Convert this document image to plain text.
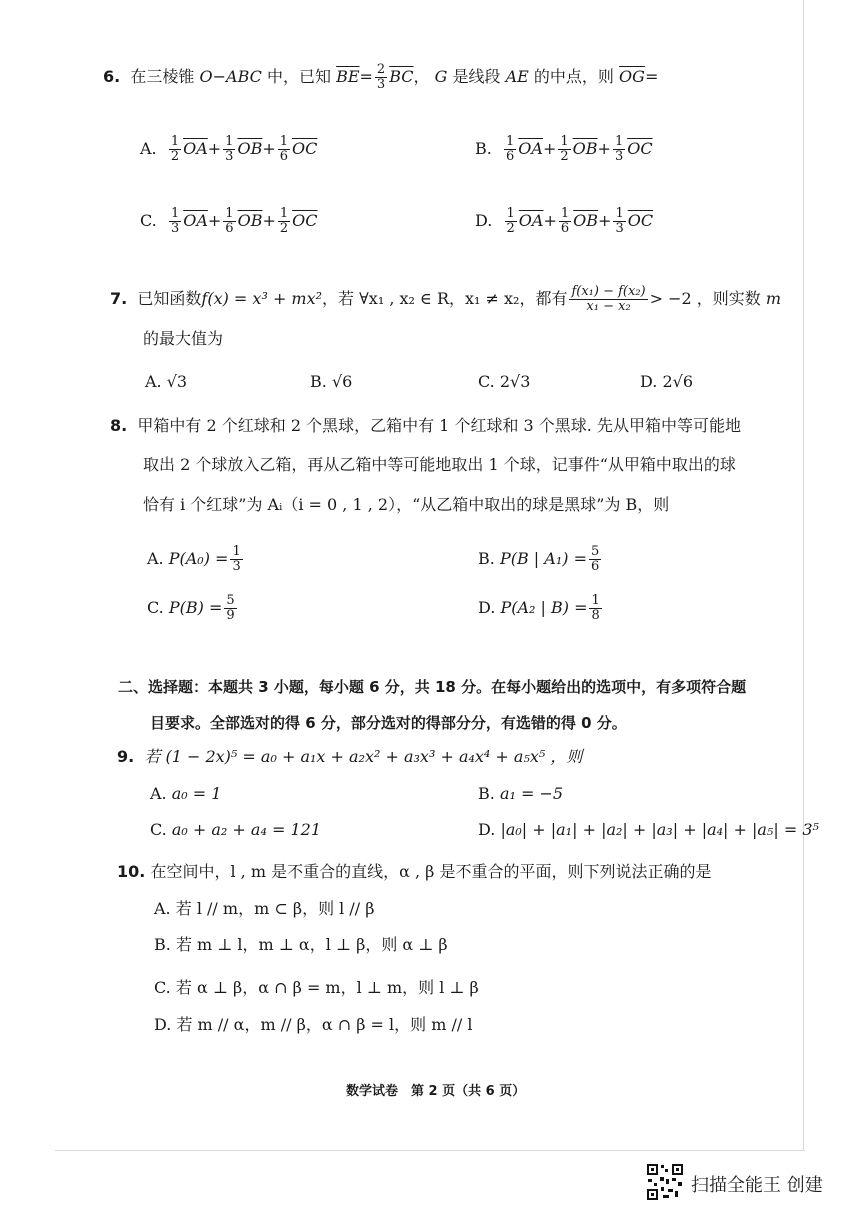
6. 在三棱锥 O−ABC 中，已知 $\overline{BE}= \frac{2}{3} \overline{BC}$， G 是线段 AE 的中点，则 $\overline{OG}=$
A. $\frac{1}{2} \overline{OA}+ \frac{1}{3} \overline{OB}+ \frac{1}{6} \overline{OC}$	B. $\frac{1}{6} \overline{OA}+ \frac{1}{2} \overline{OB}+ \frac{1}{3} \overline{OC}$
C. $\frac{1}{3} \overline{OA}+ \frac{1}{6} \overline{OB}+ \frac{1}{2} \overline{OC}$	D. $\frac{1}{2} \overline{OA}+ \frac{1}{6} \overline{OB}+ \frac{1}{3} \overline{OC}$
7. 已知函数f(x) = x³ + mx²，若 ∀x₁ , x₂ ∈ R，x₁ ≠ x₂，都有 $\frac{\text{f(x₁) − f(x₂)}}{\text{x₁ − x₂}} > -2$ ，则实数 m
的最大值为
A. √3	B. √6	C. 2√3	D. 2√6
8. 甲箱中有 2 个红球和 2 个黑球，乙箱中有 1 个红球和 3 个黑球. 先从甲箱中等可能地
取出 2 个球放入乙箱，再从乙箱中等可能地取出 1 个球，记事件“从甲箱中取出的球
恰有 i 个红球”为 Aᵢ（i = 0 , 1 , 2），“从乙箱中取出的球是黑球”为 B，则
A. $P(A_0) = \frac{1}{3}$	B. P(B | $A_1) = \frac{5}{6}$
C. $P(B) = \frac{5}{9}$	D. P(A₂ | $B) = \frac{1}{8}$
二、选择题：本题共 3 小题，每小题 6 分，共 18 分。在每小题给出的选项中，有多项符合题
目要求。全部选对的得 6 分，部分选对的得部分分，有选错的得 0 分。
9. 若 (1 − 2x)⁵ = a₀ + a₁x + a₂x² + a₃x³ + a₄x⁴ + a₅x⁵ ，则
A. a₀ = 1	B. a₁ = −5
C. a₀ + a₂ + a₄ = 121	D. |a₀| + |a₁| + |a₂| + |a₃| + |a₄| + |a₅| = 3⁵
10. 在空间中，l , m 是不重合的直线，α , β 是不重合的平面，则下列说法正确的是
A. 若 l // m，m ⊂ β，则 l // β
B. 若 m ⊥ l，m ⊥ α，l ⊥ β，则 α ⊥ β
C. 若 α ⊥ β，α ∩ β = m，l ⊥ m，则 l ⊥ β
D. 若 m // α，m // β，α ∩ β = l，则 m // l
数学试卷　第 2 页（共 6 页）
扫描全能王 创建
